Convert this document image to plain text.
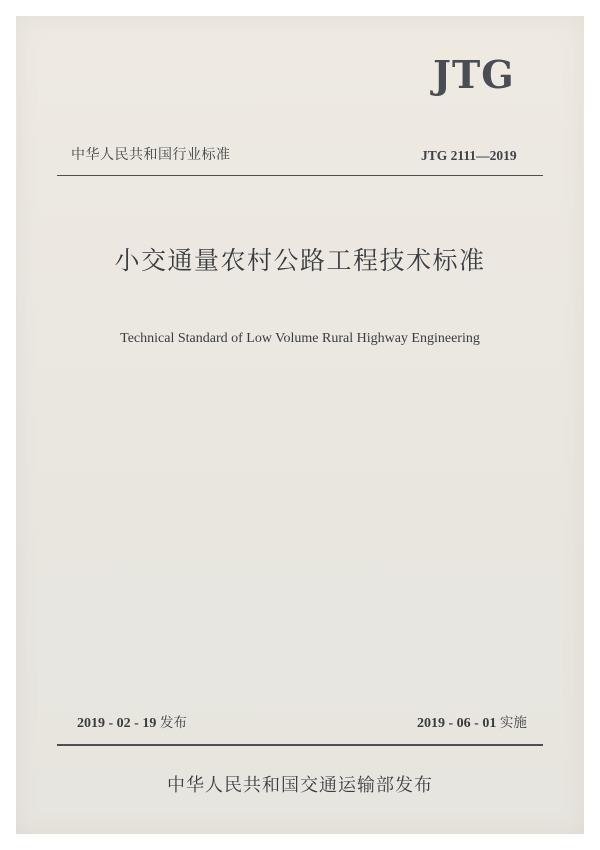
JTG
中华人民共和国行业标准	JTG 2111—2019
小交通量农村公路工程技术标准
Technical Standard of Low Volume Rural Highway Engineering
2019 - 02 - 19 发布	2019 - 06 - 01 实施
中华人民共和国交通运输部发布
